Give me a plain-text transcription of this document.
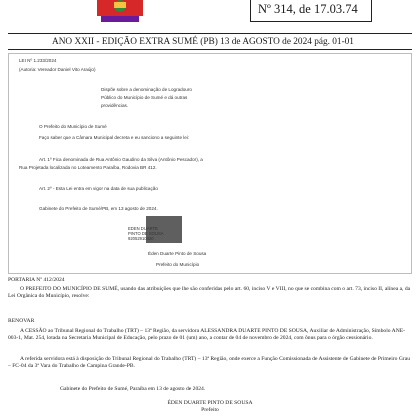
Nº 314, de 17.03.74
ANO XXII - EDIÇÃO EXTRA SUMÉ (PB) 13 de AGOSTO de 2024 pág. 01-01
LEI Nº 1.233/2024
(Autoria: Vereador Daniel Vito Araújo)
Dispõe sobre a denominação de Logradouro
Público do Município de Sumé e dá outras
providências.
O Prefeito do Município de Sumé
Faço saber que a Câmara Municipal decreta e eu sanciono a seguinte lei:
Art. 1º Fica denominada de Rua Antônio Gaudino da Silva (Antônio Pescador), a
Rua Projetada localizada no Loteamento Paraíba, Rodovia BR 412.
Art. 2º - Esta Lei entra em vigor na data de sua publicação
Gabinete do Prefeito de Sumé/PB, em 13 agosto de 2024.
EDEN DUARTE
PINTO DE SOUSA
92052910420
Éden Duarte Pinto de Sousa
Prefeito do Município
PORTARIA Nº 412/2024
O PREFEITO DO MUNICÍPIO DE SUMÉ, usando das atribuições que lhe são conferidas pelo art. 60, inciso V e VIII, no que se combina com o art. 73, inciso II, alínea a, da Lei Orgânica do Município, resolve:
RENOVAR
A CESSÃO ao Tribunal Regional do Trabalho (TRT) – 13ª Região, da servidora ALESSANDRA DUARTE PINTO DE SOUSA, Auxiliar de Administração, Símbolo ANE-003-1, Mat. 254, lotada na Secretaria Municipal de Educação, pelo prazo de 01 (um) ano, a contar de 04 de novembro de 2024, com ônus para o órgão cessionário.
A referida servidora está à disposição do Tribunal Regional do Trabalho (TRT) – 13ª Região, onde exerce a Função Comissionada de Assistente de Gabinete de Primeiro Grau – FC-04 da 3ª Vara do Trabalho de Campina Grande-PB.
Gabinete do Prefeito de Sumé, Paraíba em 13 de agosto de 2024.
ÉDEN DUARTE PINTO DE SOUSA
Prefeito
